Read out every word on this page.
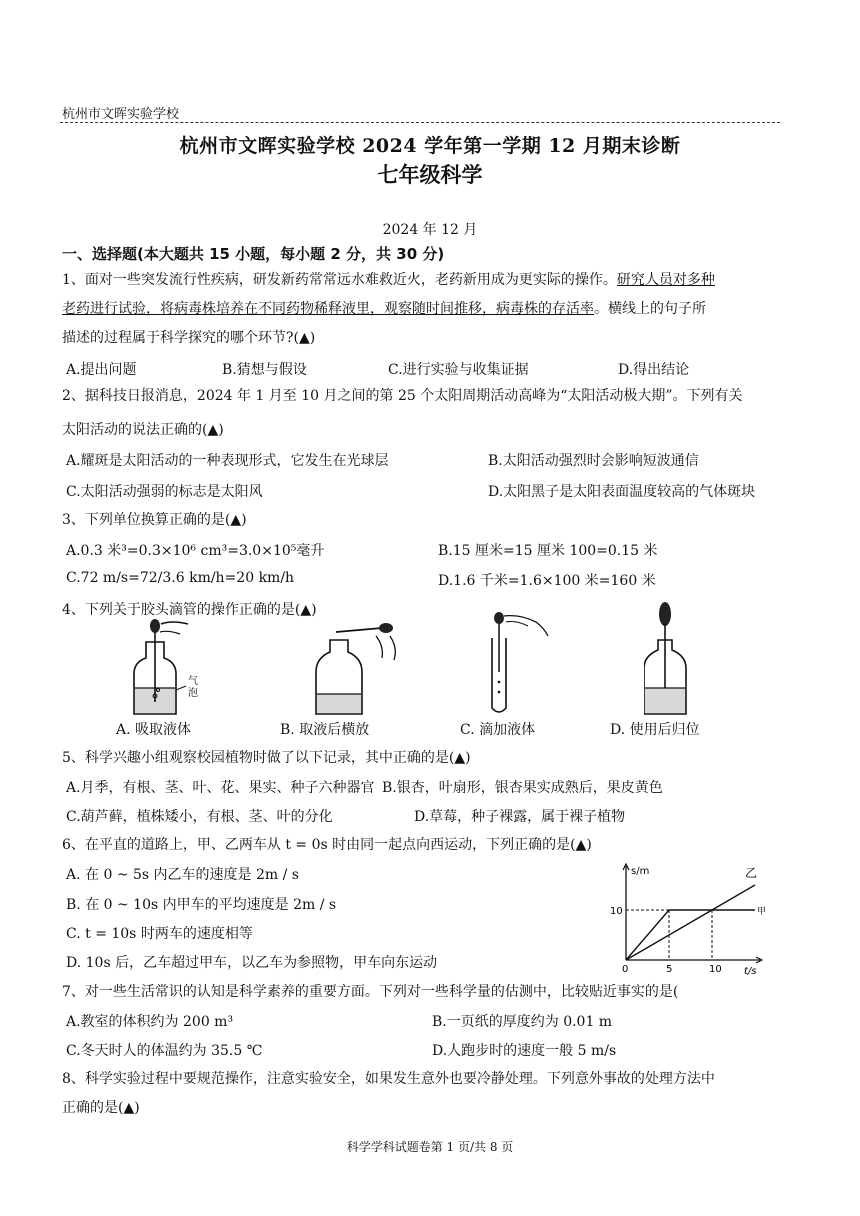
杭州市文晖实验学校
杭州市文晖实验学校 2024 学年第一学期 12 月期末诊断
七年级科学
2024 年 12 月
一、选择题(本大题共 15 小题，每小题 2 分，共 30 分)
1、面对一些突发流行性疾病，研发新药常常远水难救近火，老药新用成为更实际的操作。研究人员对多种
老药进行试验，将病毒株培养在不同药物稀释液里，观察随时间推移，病毒株的存活率。横线上的句子所
描述的过程属于科学探究的哪个环节?(▲)
A.提出问题	B.猜想与假设	C.进行实验与收集证据	D.得出结论
2、据科技日报消息，2024 年 1 月至 10 月之间的第 25 个太阳周期活动高峰为“太阳活动极大期”。下列有关
太阳活动的说法正确的(▲)
A.耀斑是太阳活动的一种表现形式，它发生在光球层	B.太阳活动强烈时会影响短波通信
C.太阳活动强弱的标志是太阳风	D.太阳黑子是太阳表面温度较高的气体斑块
3、下列单位换算正确的是(▲)
A.0.3 米³=0.3×10⁶ cm³=3.0×10⁵毫升	B.15 厘米=15 厘米 100=0.15 米
C.72 m/s=72/3.6 km/h=20 km/h	D.1.6 千米=1.6×100 米=160 米
4、下列关于胶头滴管的操作正确的是(▲)
气泡
A. 吸取液体	B. 取液后横放	C. 滴加液体	D. 使用后归位
5、科学兴趣小组观察校园植物时做了以下记录，其中正确的是(▲)
A.月季，有根、茎、叶、花、果实、种子六种器官 B.银杏，叶扇形，银杏果实成熟后，果皮黄色
C.葫芦藓，植株矮小，有根、茎、叶的分化	D.草莓，种子裸露，属于裸子植物
6、在平直的道路上，甲、乙两车从 t = 0s 时由同一起点向西运动，下列正确的是(▲)
A. 在 0 ~ 5s 内乙车的速度是 2m / s
B. 在 0 ~ 10s 内甲车的平均速度是 2m / s
C. t = 10s 时两车的速度相等
D. 10s 后，乙车超过甲车，以乙车为参照物，甲车向东运动
s/m
t/s
0	5	10
10	甲
乙
7、对一些生活常识的认知是科学素养的重要方面。下列对一些科学量的估测中，比较贴近事实的是(
A.教室的体积约为 200 m³	B.一页纸的厚度约为 0.01 m
C.冬天时人的体温约为 35.5 ℃	D.人跑步时的速度一般 5 m/s
8、科学实验过程中要规范操作，注意实验安全，如果发生意外也要冷静处理。下列意外事故的处理方法中
正确的是(▲)
科学学科试题卷第 1 页/共 8 页
